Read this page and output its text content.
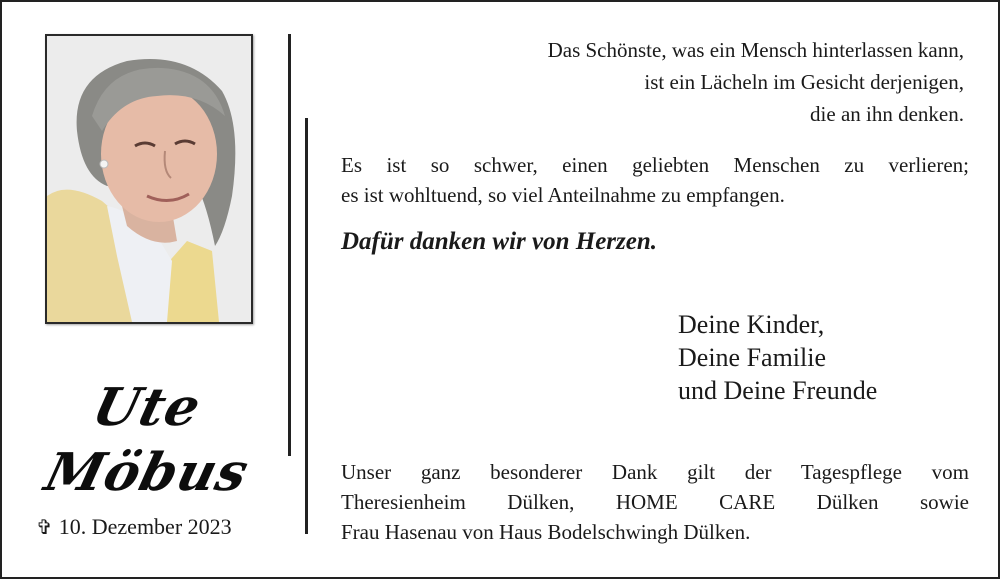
Ute
Möbus
✞ 10. Dezember 2023
Das Schönste, was ein Mensch hinterlassen kann,
ist ein Lächeln im Gesicht derjenigen,
die an ihn denken.
Es ist so schwer, einen geliebten Menschen zu verlieren;
es ist wohltuend, so viel Anteilnahme zu empfangen.
Dafür danken wir von Herzen.
Deine Kinder,
Deine Familie
und Deine Freunde
Unser ganz besonderer Dank gilt der Tagespflege vom
Theresienheim Dülken, HOME CARE Dülken sowie
Frau Hasenau von Haus Bodelschwingh Dülken.
